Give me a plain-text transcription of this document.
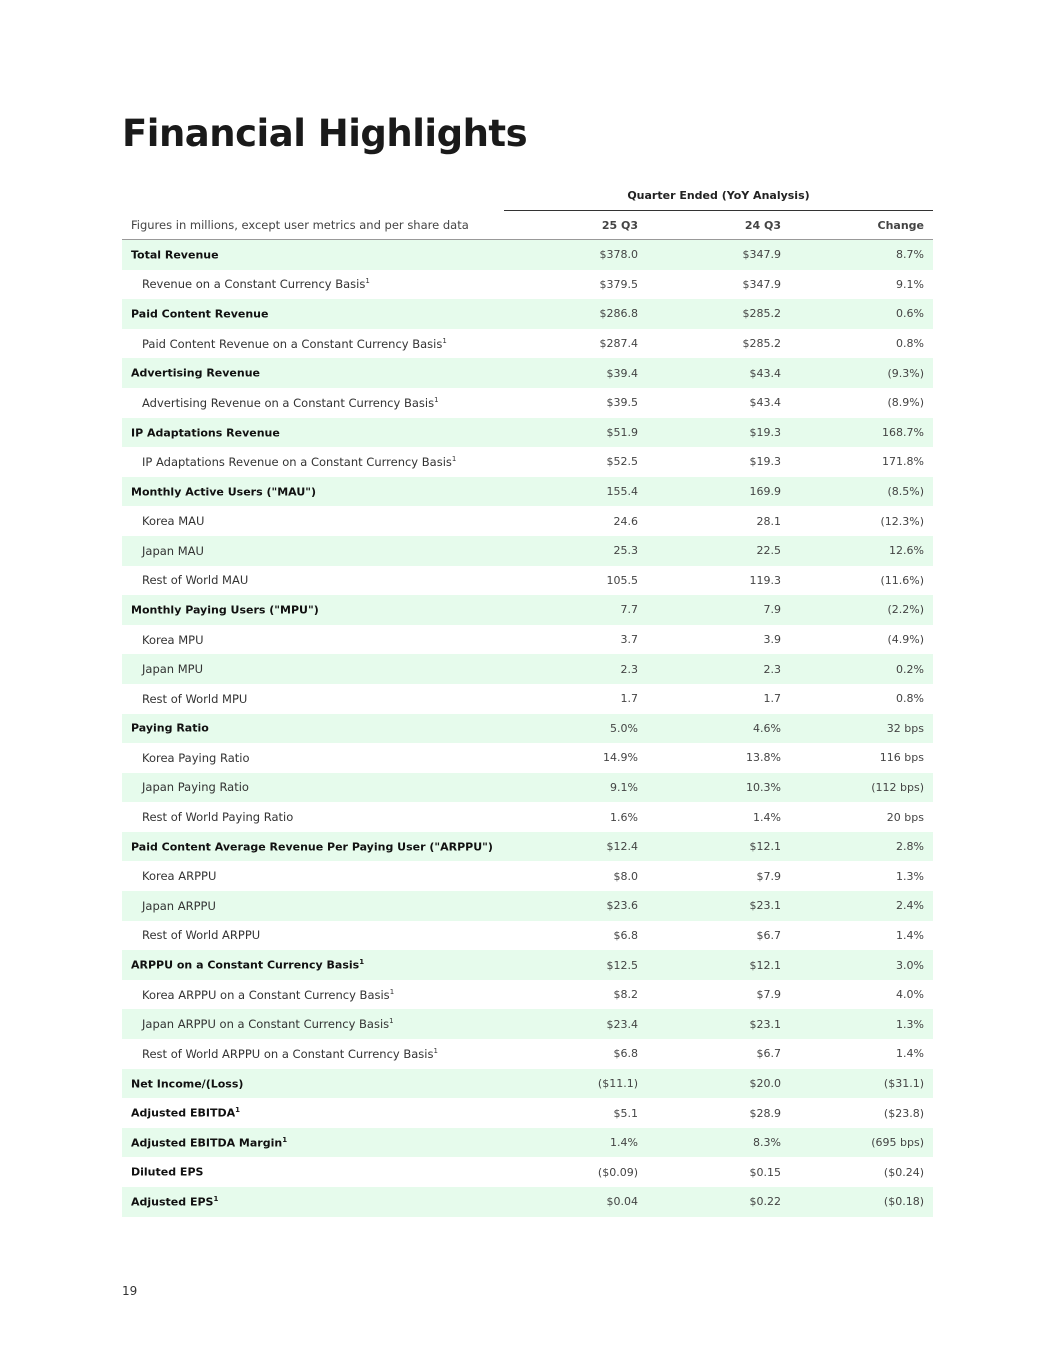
Financial Highlights
Quarter Ended (YoY Analysis)
Figures in millions, except user metrics and per share data	25 Q3	24 Q3	Change
Total Revenue	$378.0	$347.9	8.7%
Revenue on a Constant Currency Basis$^1$	$379.5	$347.9	9.1%
Paid Content Revenue	$286.8	$285.2	0.6%
Paid Content Revenue on a Constant Currency Basis$^1$	$287.4	$285.2	0.8%
Advertising Revenue	$39.4	$43.4	(9.3%)
Advertising Revenue on a Constant Currency Basis$^1$	$39.5	$43.4	(8.9%)
IP Adaptations Revenue	$51.9	$19.3	168.7%
IP Adaptations Revenue on a Constant Currency Basis$^1$	$52.5	$19.3	171.8%
Monthly Active Users ("MAU")	155.4	169.9	(8.5%)
Korea MAU	24.6	28.1	(12.3%)
Japan MAU	25.3	22.5	12.6%
Rest of World MAU	105.5	119.3	(11.6%)
Monthly Paying Users ("MPU")	7.7	7.9	(2.2%)
Korea MPU	3.7	3.9	(4.9%)
Japan MPU	2.3	2.3	0.2%
Rest of World MPU	1.7	1.7	0.8%
Paying Ratio	5.0%	4.6%	32 bps
Korea Paying Ratio	14.9%	13.8%	116 bps
Japan Paying Ratio	9.1%	10.3%	(112 bps)
Rest of World Paying Ratio	1.6%	1.4%	20 bps
Paid Content Average Revenue Per Paying User ("ARPPU")	$12.4	$12.1	2.8%
Korea ARPPU	$8.0	$7.9	1.3%
Japan ARPPU	$23.6	$23.1	2.4%
Rest of World ARPPU	$6.8	$6.7	1.4%
ARPPU on a Constant Currency Basis$^1$	$12.5	$12.1	3.0%
Korea ARPPU on a Constant Currency Basis$^1$	$8.2	$7.9	4.0%
Japan ARPPU on a Constant Currency Basis$^1$	$23.4	$23.1	1.3%
Rest of World ARPPU on a Constant Currency Basis$^1$	$6.8	$6.7	1.4%
Net Income/(Loss)	($11.1)	$20.0	($31.1)
Adjusted EBITDA$^1$	$5.1	$28.9	($23.8)
Adjusted EBITDA Margin$^1$	1.4%	8.3%	(695 bps)
Diluted EPS	($0.09)	$0.15	($0.24)
Adjusted EPS$^1$	$0.04	$0.22	($0.18)
19
